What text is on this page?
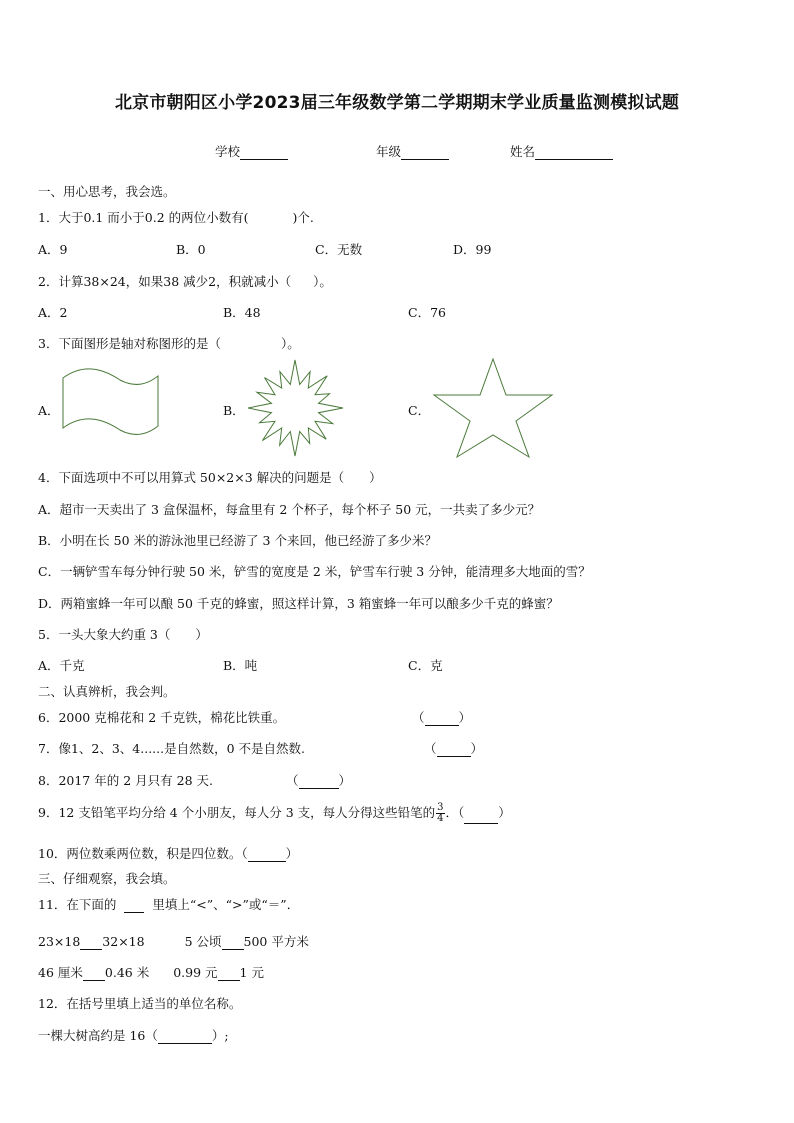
北京市朝阳区小学2023届三年级数学第二学期期末学业质量监测模拟试题
学校	年级	姓名
一、用心思考，我会选。
1．大于0.1 而小于0.2 的两位小数有(	)个.
A．9	B．0	C．无数	D．99
2．计算38×24，如果38 减少2，积就减小（ ）。
A．2	B．48	C．76
3．下面图形是轴对称图形的是（	）。
A．	B．	C．
4．下面选项中不可以用算式 50×2×3 解决的问题是（　　）
A．超市一天卖出了 3 盒保温杯，每盒里有 2 个杯子，每个杯子 50 元，一共卖了多少元？
B．小明在长 50 米的游泳池里已经游了 3 个来回，他已经游了多少米？
C．一辆铲雪车每分钟行驶 50 米，铲雪的宽度是 2 米，铲雪车行驶 3 分钟，能清理多大地面的雪？
D．两箱蜜蜂一年可以酿 50 千克的蜂蜜，照这样计算，3 箱蜜蜂一年可以酿多少千克的蜂蜜？
5．一头大象大约重 3（　　）
A．千克	B．吨	C．克
二、认真辨析，我会判。
6．2000 克棉花和 2 千克铁，棉花比铁重。	（	）
7．像1、2、3、4......是自然数，0 不是自然数.	（	）
8．2017 年的 2 月只有 28 天.	（	）
9．12 支铅笔平均分给 4 个小朋友，每人分 3 支，每人分得这些铅笔的 $\frac{3}{4}$ ．（	）
10．两位数乘两位数，积是四位数。（	）
三、仔细观察，我会填。
11．在下面的	里填上“<”、“>”或“＝”．
23×18 32×18	5 公顷 500 平方米
46 厘米 0.46 米 0.99 元 1 元
12．在括号里填上适当的单位名称。
一棵大树高约是 16（	）;
